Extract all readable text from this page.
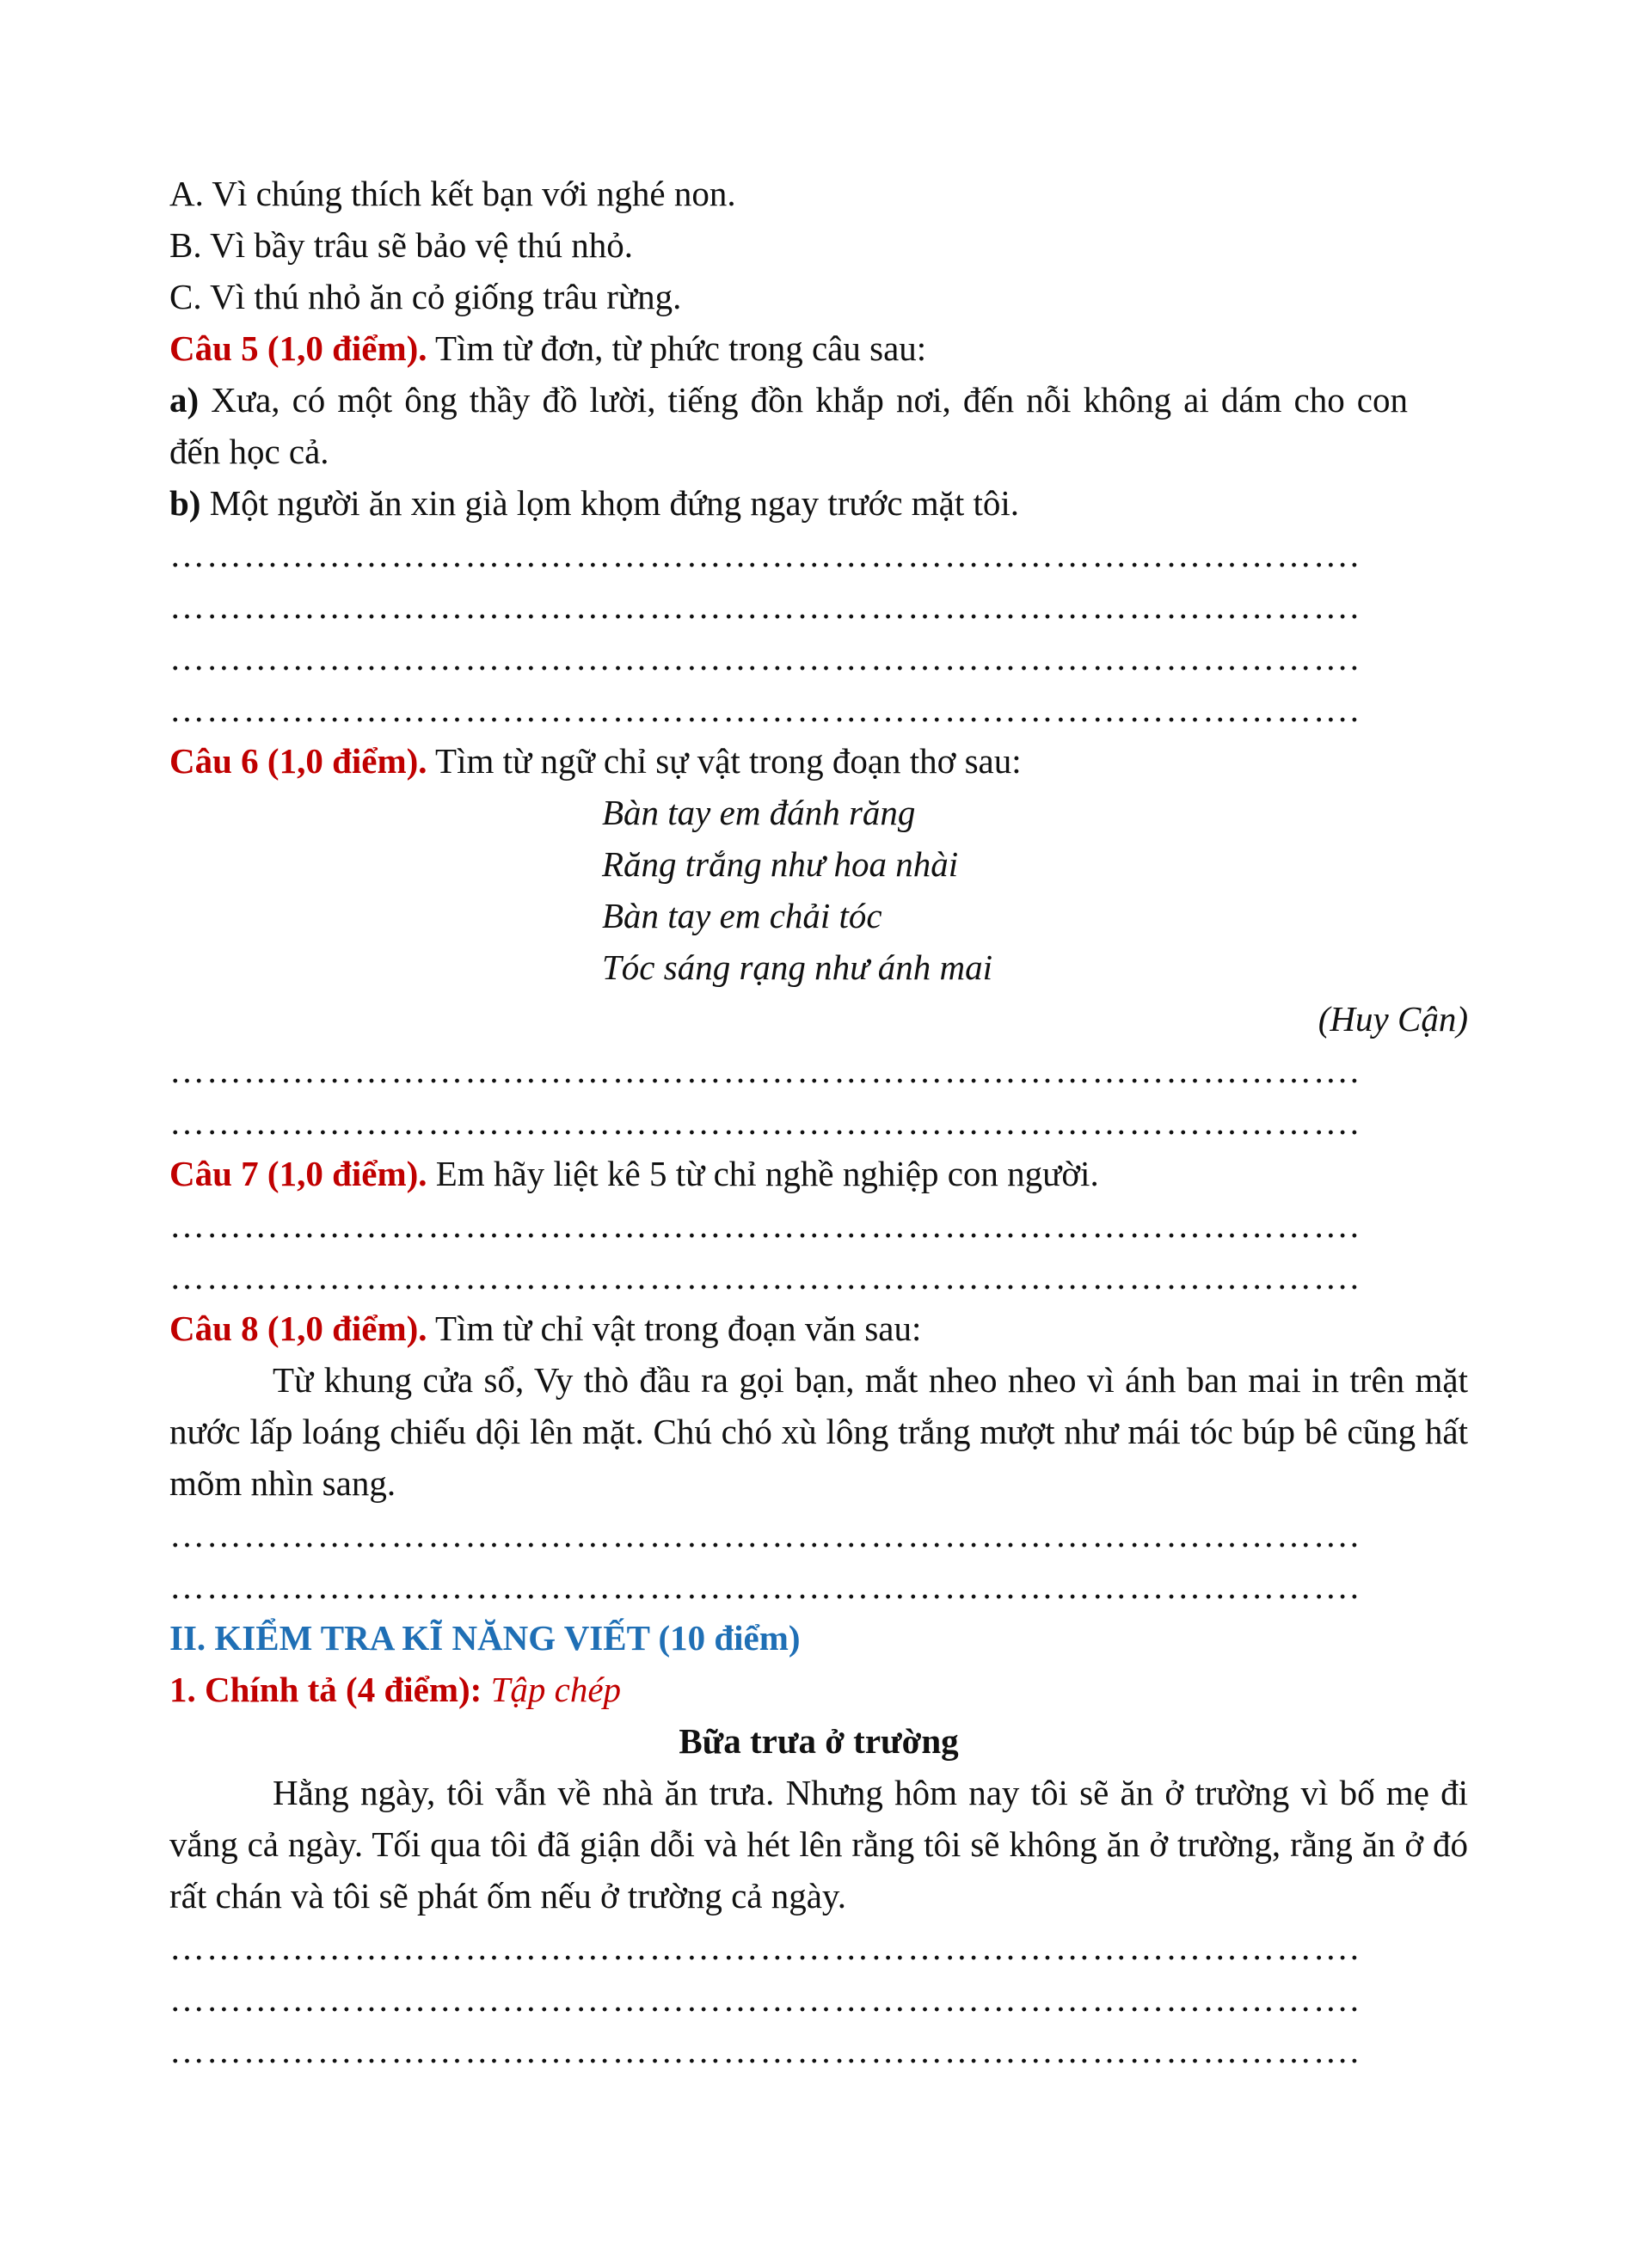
A. Vì chúng thích kết bạn với nghé non.
B. Vì bầy trâu sẽ bảo vệ thú nhỏ.
C. Vì thú nhỏ ăn cỏ giống trâu rừng.
Câu 5 (1,0 điểm). Tìm từ đơn, từ phức trong câu sau:
a) Xưa, có một ông thầy đồ lười, tiếng đồn khắp nơi, đến nỗi không ai dám cho con đến học cả.
b) Một người ăn xin già lọm khọm đứng ngay trước mặt tôi.
…………………………………………………………………………………….
…………………………………………………………………………………….
…………………………………………………………………………………….
…………………………………………………………………………………….
Câu 6 (1,0 điểm). Tìm từ ngữ chỉ sự vật trong đoạn thơ sau:
Bàn tay em đánh răng
Răng trắng như hoa nhài
Bàn tay em chải tóc
Tóc sáng rạng như ánh mai
(Huy Cận)
…………………………………………………………………………………….
…………………………………………………………………………………….
Câu 7 (1,0 điểm). Em hãy liệt kê 5 từ chỉ nghề nghiệp con người.
…………………………………………………………………………………….
…………………………………………………………………………………….
Câu 8 (1,0 điểm). Tìm từ chỉ vật trong đoạn văn sau:
Từ khung cửa sổ, Vy thò đầu ra gọi bạn, mắt nheo nheo vì ánh ban mai in trên mặt nước lấp loáng chiếu dội lên mặt. Chú chó xù lông trắng mượt như mái tóc búp bê cũng hất mõm nhìn sang.
…………………………………………………………………………………….
…………………………………………………………………………………….
II. KIỂM TRA KĨ NĂNG VIẾT (10 điểm)
1. Chính tả (4 điểm): Tập chép
Bữa trưa ở trường
Hằng ngày, tôi vẫn về nhà ăn trưa. Nhưng hôm nay tôi sẽ ăn ở trường vì bố mẹ đi vắng cả ngày. Tối qua tôi đã giận dỗi và hét lên rằng tôi sẽ không ăn ở trường, rằng ăn ở đó rất chán và tôi sẽ phát ốm nếu ở trường cả ngày.
…………………………………………………………………………………….
…………………………………………………………………………………….
…………………………………………………………………………………….
